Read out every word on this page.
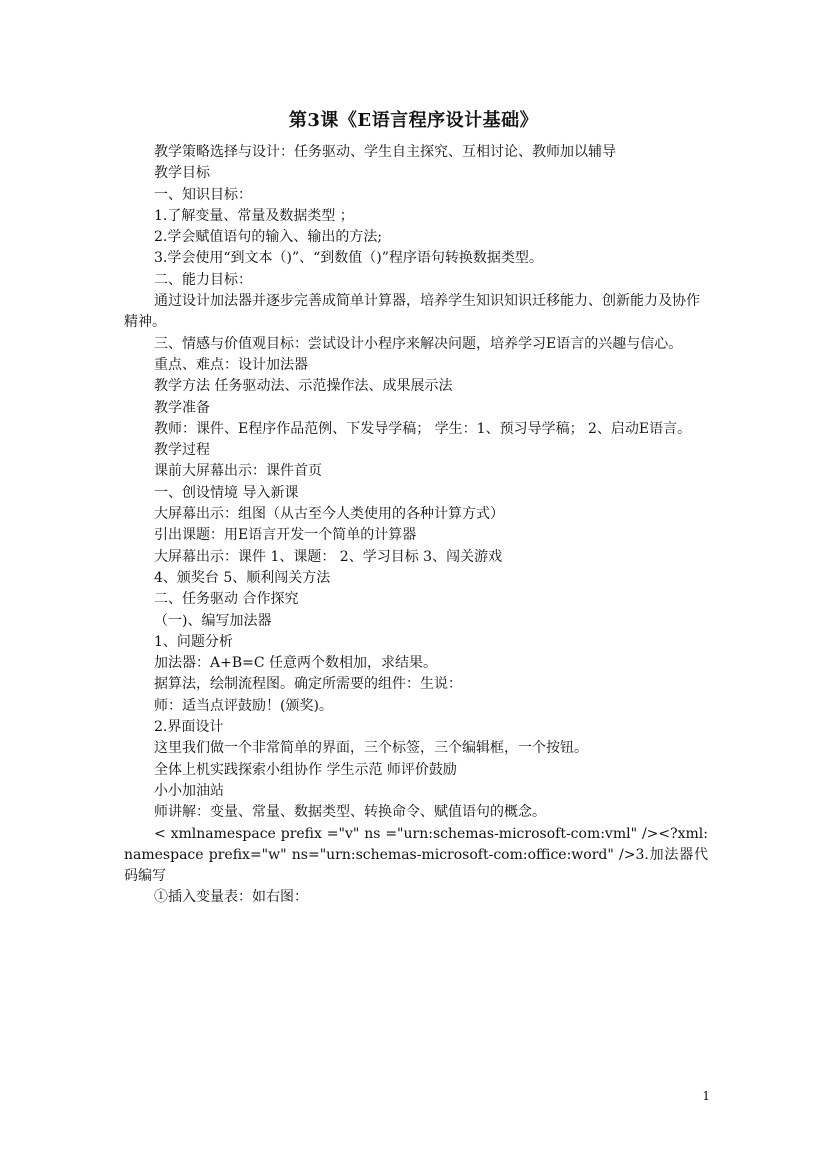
第3课《E语言程序设计基础》

教学策略选择与设计：任务驱动、学生自主探究、互相讨论、教师加以辅导

教学目标

一、知识目标：

1.了解变量、常量及数据类型 ；

2.学会赋值语句的输入、输出的方法;

3.学会使用“到文本（)”、“到数值（)”程序语句转换数据类型。

二、能力目标：

通过设计加法器并逐步完善成简单计算器，培养学生知识知识迁移能力、创新能力及协作精神。

三、情感与价值观目标：尝试设计小程序来解决问题，培养学习E语言的兴趣与信心。

重点、难点：设计加法器

教学方法 任务驱动法、示范操作法、成果展示法

教学准备

教师：课件、E程序作品范例、下发导学稿； 学生：1、预习导学稿； 2、启动E语言。

教学过程

课前大屏幕出示：课件首页

一、创设情境 导入新课

大屏幕出示：组图（从古至今人类使用的各种计算方式）

引出课题：用E语言开发一个简单的计算器

大屏幕出示：课件 1、课题： 2、学习目标 3、闯关游戏

4、颁奖台 5、顺利闯关方法

二、任务驱动 合作探究

（一)、编写加法器

1、问题分析

加法器：A+B=C 任意两个数相加，求结果。

据算法，绘制流程图。确定所需要的组件：生说：

师：适当点评鼓励！(颁奖)。

2.界面设计

这里我们做一个非常简单的界面，三个标签，三个编辑框，一个按钮。

全体上机实践探索小组协作 学生示范 师评价鼓励

小小加油站

师讲解：变量、常量、数据类型、转换命令、赋值语句的概念。

< xmlnamespace prefix ="v" ns ="urn:schemas-microsoft-com:vml" /><?xml:namespace prefix="w" ns="urn:schemas-microsoft-com:office:word" />3.加法器代码编写

①插入变量表：如右图：

1
